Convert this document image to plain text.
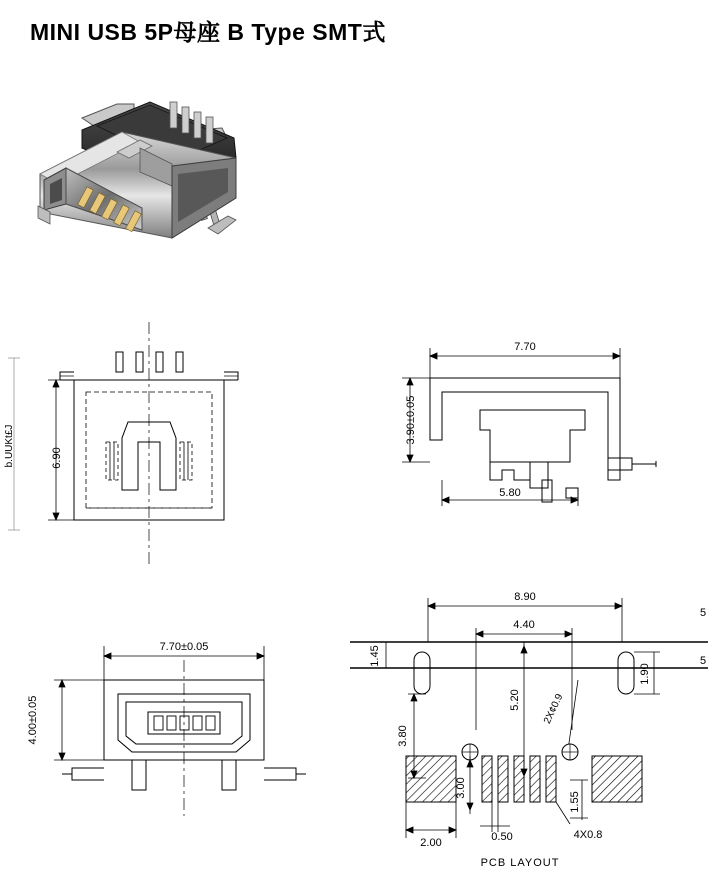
MINI USB 5P母座 B Type SMT式
6.90
b.UUKt£J
7.70
3.90±0.05
5.80
7.70±0.05
4.00±0.05
5
5
8.90
4.40
1.45
1.90
5.20 2X¢0.9
3.80
3.00
1.55
2.00	0.50	4X0.8
PCB LAYOUT
